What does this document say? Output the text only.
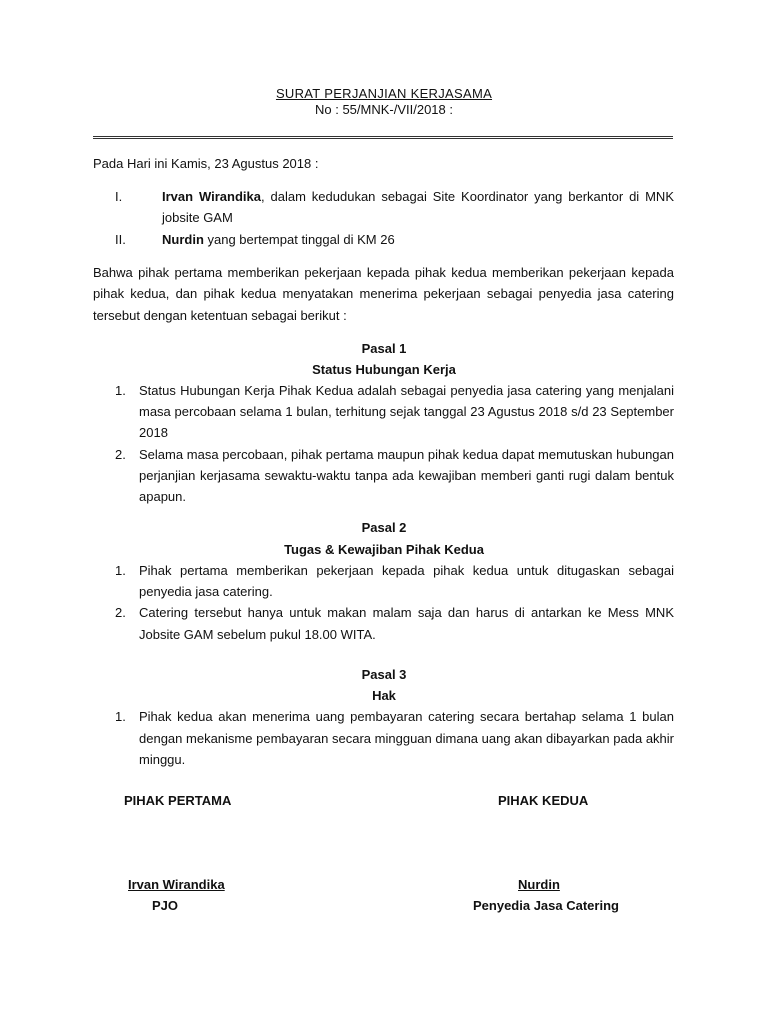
SURAT PERJANJIAN KERJASAMA
No : 55/MNK-/VII/2018 :
Pada Hari ini Kamis, 23 Agustus 2018 :
I.	Irvan Wirandika, dalam kedudukan sebagai Site Koordinator yang berkantor di MNK
jobsite GAM
II.	Nurdin yang bertempat tinggal di KM 26
Bahwa pihak pertama memberikan pekerjaan kepada pihak kedua memberikan pekerjaan kepada
pihak kedua, dan pihak kedua menyatakan menerima pekerjaan sebagai penyedia jasa catering
tersebut dengan ketentuan sebagai berikut :
Pasal 1
Status Hubungan Kerja
1. Status Hubungan Kerja Pihak Kedua adalah sebagai penyedia jasa catering yang menjalani
masa percobaan selama 1 bulan, terhitung sejak tanggal 23 Agustus 2018 s/d 23 September
2018
2. Selama masa percobaan, pihak pertama maupun pihak kedua dapat memutuskan hubungan
perjanjian kerjasama sewaktu-waktu tanpa ada kewajiban memberi ganti rugi dalam bentuk
apapun.
Pasal 2
Tugas & Kewajiban Pihak Kedua
1. Pihak pertama memberikan pekerjaan kepada pihak kedua untuk ditugaskan sebagai
penyedia jasa catering.
2. Catering tersebut hanya untuk makan malam saja dan harus di antarkan ke Mess MNK
Jobsite GAM sebelum pukul 18.00 WITA.
Pasal 3
Hak
1. Pihak kedua akan menerima uang pembayaran catering secara bertahap selama 1 bulan
dengan mekanisme pembayaran secara mingguan dimana uang akan dibayarkan pada akhir
minggu.
PIHAK PERTAMA	PIHAK KEDUA
Irvan Wirandika	Nurdin
PJO	Penyedia Jasa Catering
